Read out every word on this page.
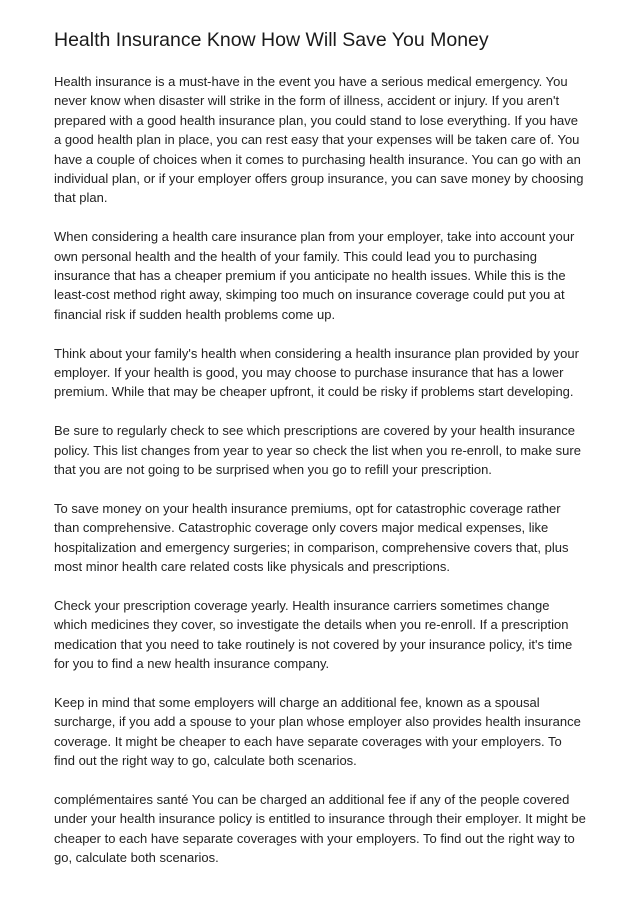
Health Insurance Know How Will Save You Money

Health insurance is a must-have in the event you have a serious medical emergency. You never know when disaster will strike in the form of illness, accident or injury. If you aren't prepared with a good health insurance plan, you could stand to lose everything. If you have a good health plan in place, you can rest easy that your expenses will be taken care of. You have a couple of choices when it comes to purchasing health insurance. You can go with an individual plan, or if your employer offers group insurance, you can save money by choosing that plan.

When considering a health care insurance plan from your employer, take into account your own personal health and the health of your family. This could lead you to purchasing insurance that has a cheaper premium if you anticipate no health issues. While this is the least-cost method right away, skimping too much on insurance coverage could put you at financial risk if sudden health problems come up.

Think about your family's health when considering a health insurance plan provided by your employer. If your health is good, you may choose to purchase insurance that has a lower premium. While that may be cheaper upfront, it could be risky if problems start developing.

Be sure to regularly check to see which prescriptions are covered by your health insurance policy. This list changes from year to year so check the list when you re-enroll, to make sure that you are not going to be surprised when you go to refill your prescription.

To save money on your health insurance premiums, opt for catastrophic coverage rather than comprehensive. Catastrophic coverage only covers major medical expenses, like hospitalization and emergency surgeries; in comparison, comprehensive covers that, plus most minor health care related costs like physicals and prescriptions.

Check your prescription coverage yearly. Health insurance carriers sometimes change which medicines they cover, so investigate the details when you re-enroll. If a prescription medication that you need to take routinely is not covered by your insurance policy, it's time for you to find a new health insurance company.

Keep in mind that some employers will charge an additional fee, known as a spousal surcharge, if you add a spouse to your plan whose employer also provides health insurance coverage. It might be cheaper to each have separate coverages with your employers. To find out the right way to go, calculate both scenarios.

complémentaires santé You can be charged an additional fee if any of the people covered under your health insurance policy is entitled to insurance through their employer. It might be cheaper to each have separate coverages with your employers. To find out the right way to go, calculate both scenarios.
